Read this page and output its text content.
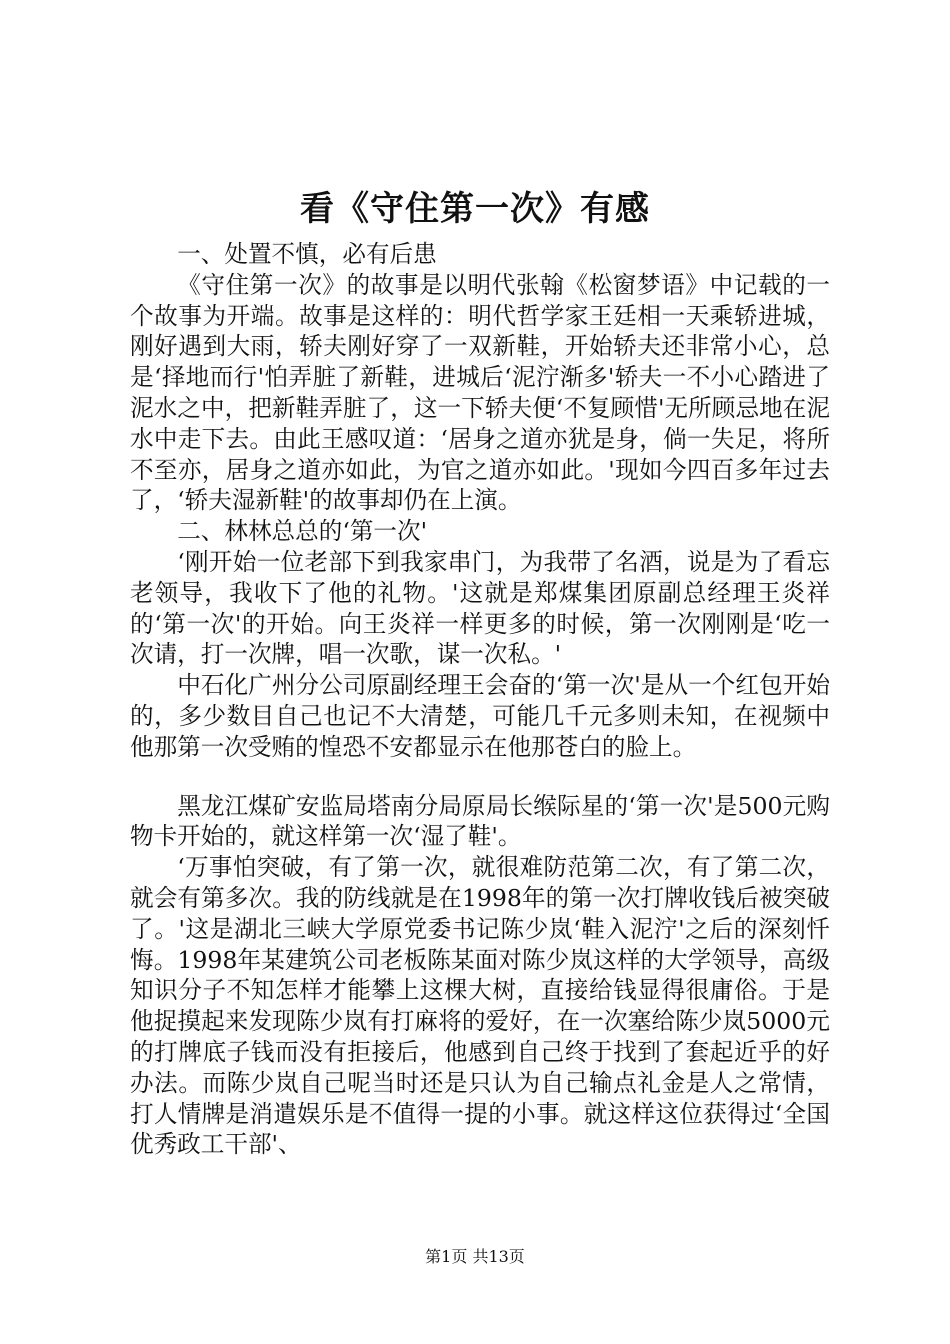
看《守住第一次》有感

一、处置不慎，必有后患

《守住第一次》的故事是以明代张翰《松窗梦语》中记载的一个故事为开端。故事是这样的：明代哲学家王廷相一天乘轿进城，刚好遇到大雨，轿夫刚好穿了一双新鞋，开始轿夫还非常小心，总是‘择地而行'怕弄脏了新鞋，进城后‘泥泞渐多'轿夫一不小心踏进了泥水之中，把新鞋弄脏了，这一下轿夫便‘不复顾惜'无所顾忌地在泥水中走下去。由此王感叹道：‘居身之道亦犹是身，倘一失足，将所不至亦，居身之道亦如此，为官之道亦如此。'现如今四百多年过去了，‘轿夫湿新鞋'的故事却仍在上演。

二、林林总总的‘第一次'

‘刚开始一位老部下到我家串门，为我带了名酒，说是为了看忘老领导，我收下了他的礼物。'这就是郑煤集团原副总经理王炎祥的‘第一次'的开始。向王炎祥一样更多的时候，第一次刚刚是‘吃一次请，打一次牌，唱一次歌，谋一次私。'

中石化广州分公司原副经理王会奋的‘第一次'是从一个红包开始的，多少数目自己也记不大清楚，可能几千元多则未知，在视频中他那第一次受贿的惶恐不安都显示在他那苍白的脸上。

黑龙江煤矿安监局塔南分局原局长缑际星的‘第一次'是500元购物卡开始的，就这样第一次‘湿了鞋'。

‘万事怕突破，有了第一次，就很难防范第二次，有了第二次，就会有第多次。我的防线就是在1998年的第一次打牌收钱后被突破了。'这是湖北三峡大学原党委书记陈少岚‘鞋入泥泞'之后的深刻忏悔。1998年某建筑公司老板陈某面对陈少岚这样的大学领导，高级知识分子不知怎样才能攀上这棵大树，直接给钱显得很庸俗。于是他捉摸起来发现陈少岚有打麻将的爱好，在一次塞给陈少岚5000元的打牌底子钱而没有拒接后，他感到自己终于找到了套起近乎的好办法。而陈少岚自己呢当时还是只认为自己输点礼金是人之常情，打人情牌是消遣娱乐是不值得一提的小事。就这样这位获得过‘全国优秀政工干部'、

第1页 共13页
